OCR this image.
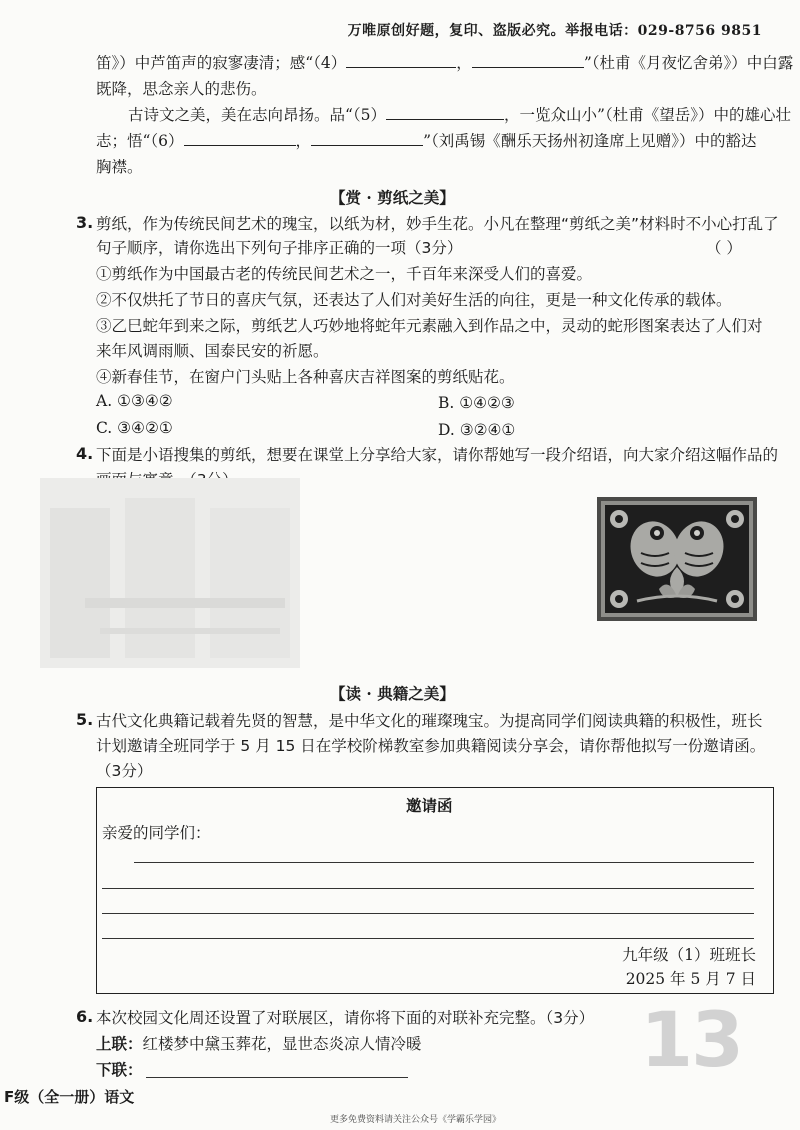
万唯原创好题，复印、盗版必究。举报电话：029-8756 9851
笛》）中芦笛声的寂寥凄清；感“（4）	，	”（杜甫《月夜忆舍弟》）中白露
既降，思念亲人的悲伤。
古诗文之美，美在志向昂扬。品“（5）	，一览众山小”（杜甫《望岳》）中的雄心壮
志；悟“（6）	，	”（刘禹锡《酬乐天扬州初逢席上见赠》）中的豁达
胸襟。
【赏 · 剪纸之美】
3. 剪纸，作为传统民间艺术的瑰宝，以纸为材，妙手生花。小凡在整理“剪纸之美”材料时不小心打乱了
句子顺序，请你选出下列句子排序正确的一项（3分）	（ ）
①剪纸作为中国最古老的传统民间艺术之一，千百年来深受人们的喜爱。
②不仅烘托了节日的喜庆气氛，还表达了人们对美好生活的向往，更是一种文化传承的载体。
③乙巳蛇年到来之际，剪纸艺人巧妙地将蛇年元素融入到作品之中，灵动的蛇形图案表达了人们对
来年风调雨顺、国泰民安的祈愿。
④新春佳节，在窗户门头贴上各种喜庆吉祥图案的剪纸贴花。
A. ①③④②	B. ①④②③
C. ③④②①	D. ③②④①
4. 下面是小语搜集的剪纸，想要在课堂上分享给大家，请你帮她写一段介绍语，向大家介绍这幅作品的
【读 · 典籍之美】
5. 古代文化典籍记载着先贤的智慧，是中华文化的璀璨瑰宝。为提高同学们阅读典籍的积极性，班长
计划邀请全班同学于 5 月 15 日在学校阶梯教室参加典籍阅读分享会，请你帮他拟写一份邀请函。
（3分）
邀请函
亲爱的同学们：
九年级（1）班班长
2025 年 5 月 7 日
13
6. 本次校园文化周还设置了对联展区，请你将下面的对联补充完整。（3分）
上联：红楼梦中黛玉葬花，显世态炎凉人情冷暖
下联：
F级（全一册）语文
更多免费资料请关注公众号《学霸乐学园》
